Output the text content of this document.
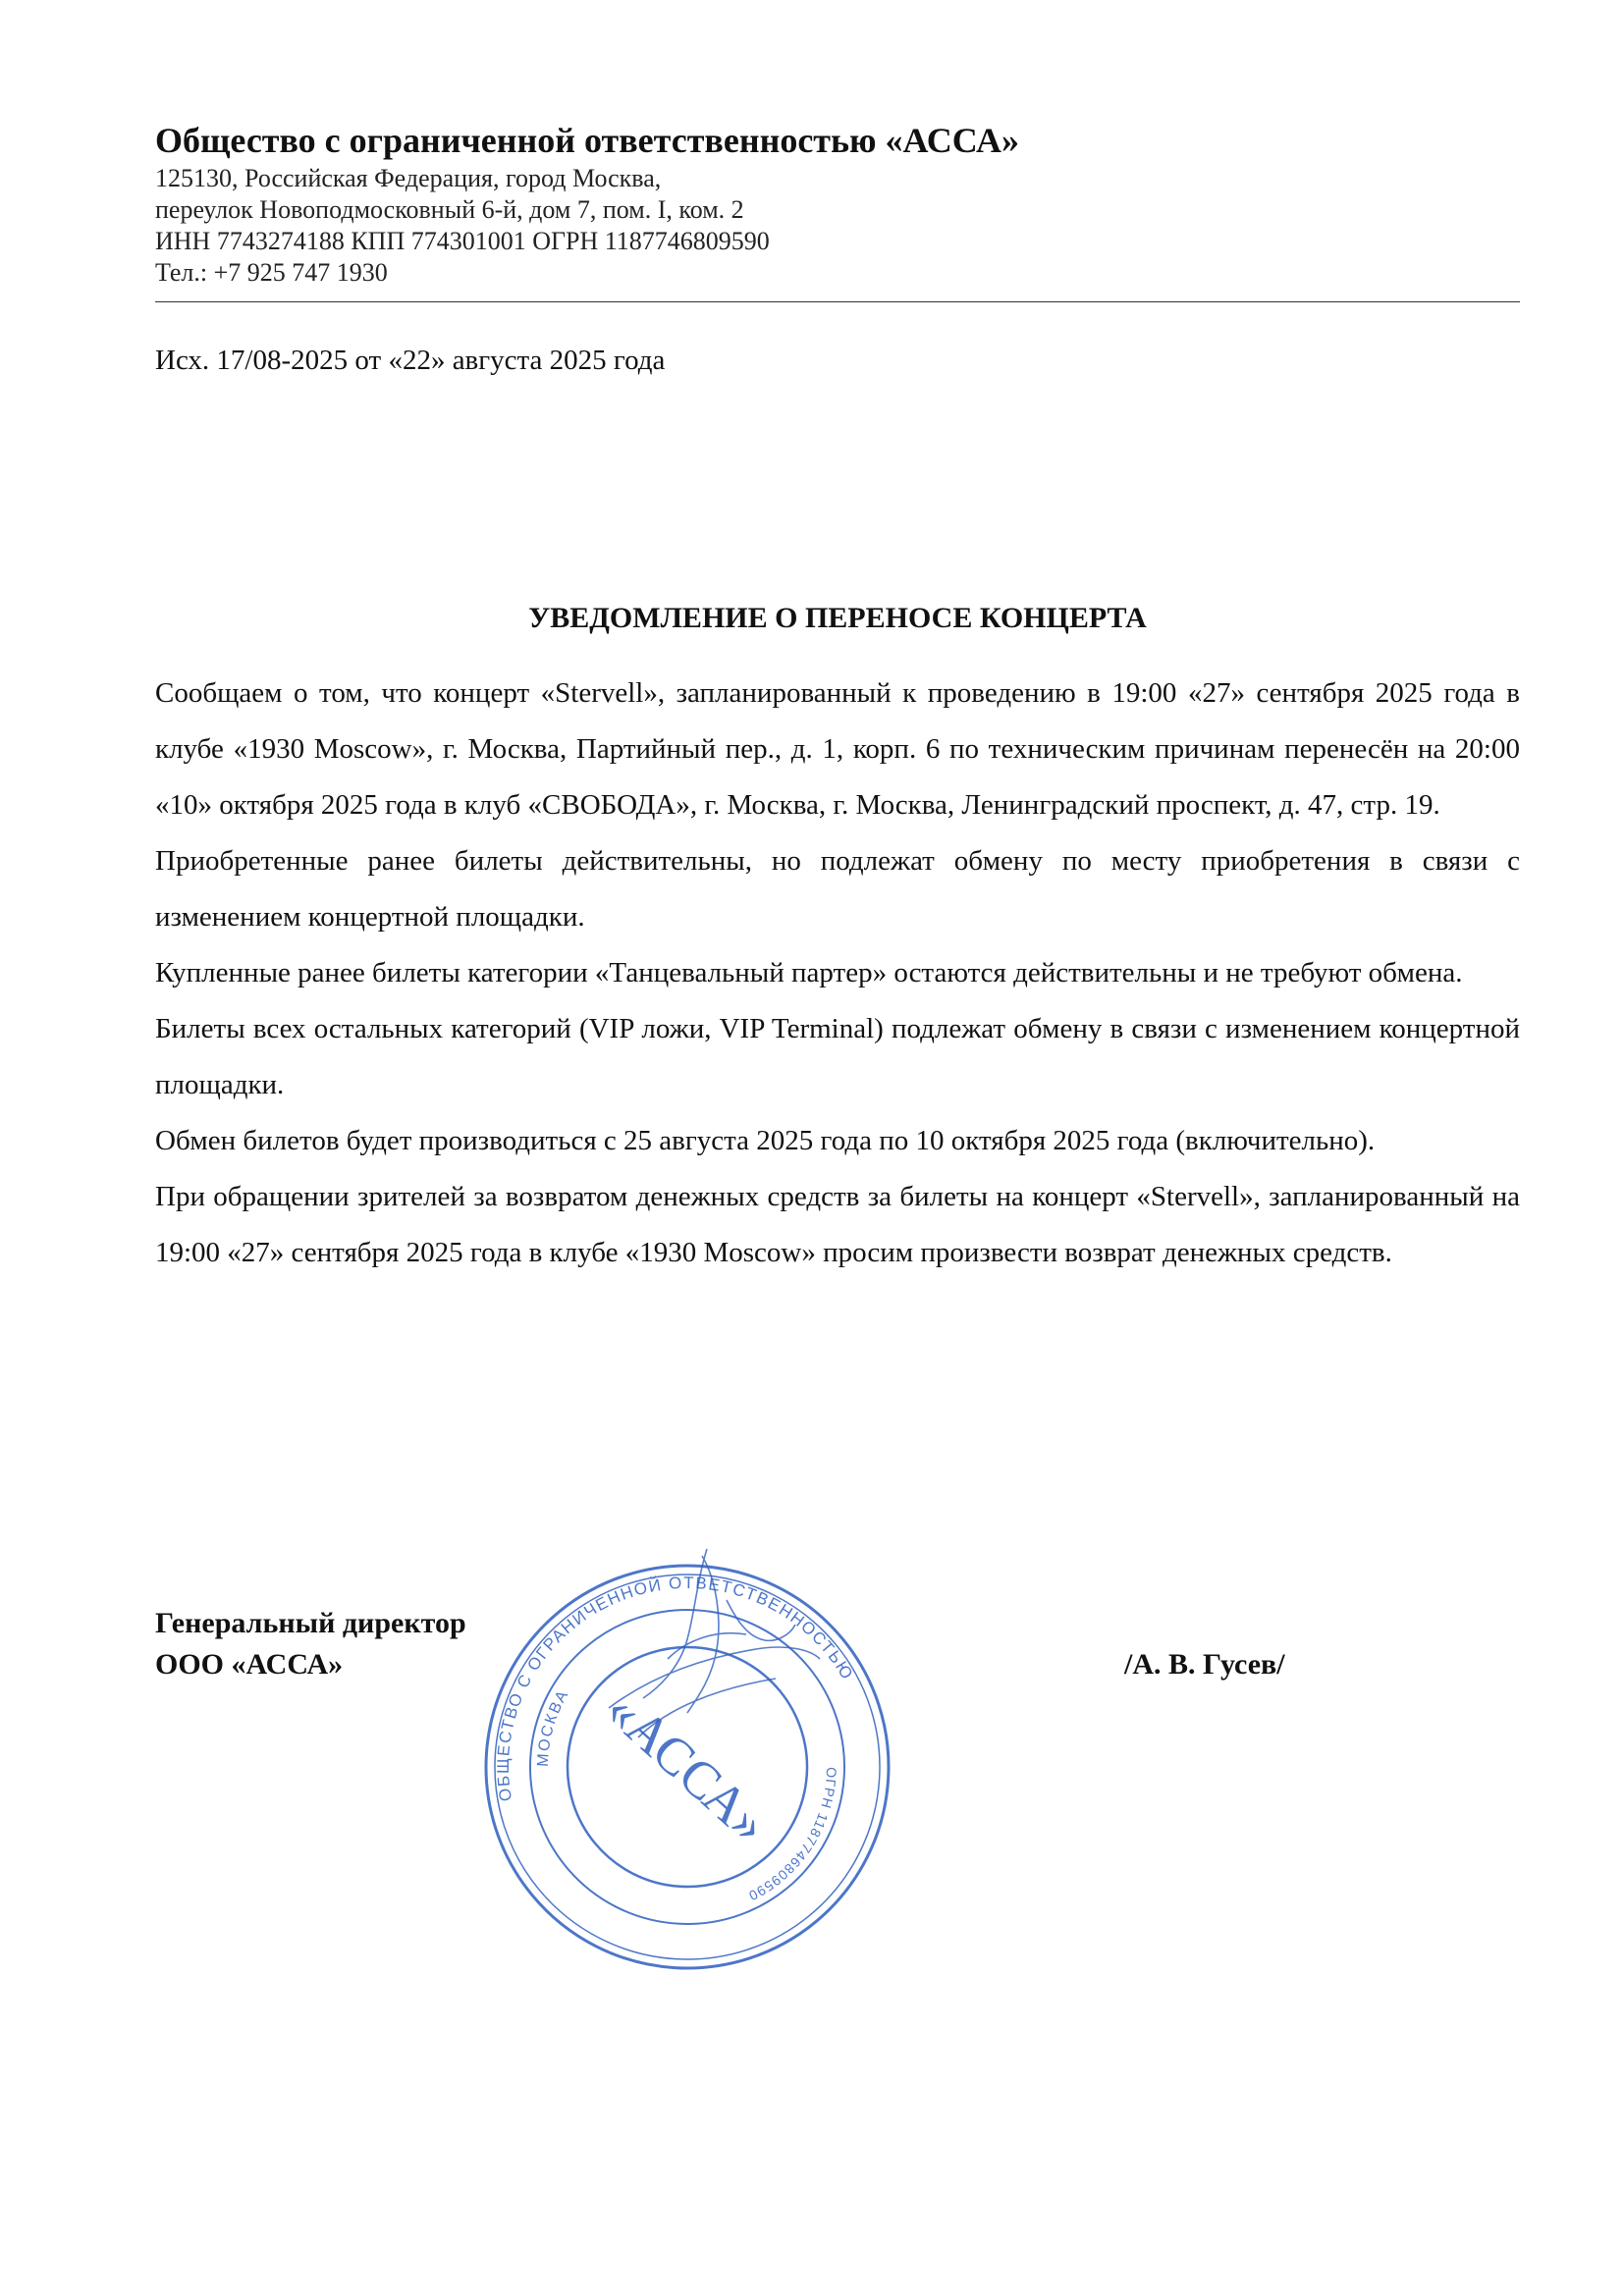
Общество с ограниченной ответственностью «АССА»
125130, Российская Федерация, город Москва,
переулок Новоподмосковный 6-й, дом 7, пом. I, ком. 2
ИНН 7743274188 КПП 774301001 ОГРН 1187746809590
Тел.: +7 925 747 1930
Исх. 17/08-2025 от «22» августа 2025 года
УВЕДОМЛЕНИЕ О ПЕРЕНОСЕ КОНЦЕРТА

Сообщаем о том, что концерт «Stervell», запланированный к проведению в 19:00 «27» сентября 2025 года в клубе «1930 Moscow», г. Москва, Партийный пер., д. 1, корп. 6 по техническим причинам перенесён на 20:00 «10» октября 2025 года в клуб «СВОБОДА», г. Москва, г. Москва, Ленинградский проспект, д. 47, стр. 19.

Приобретенные ранее билеты действительны, но подлежат обмену по месту приобретения в связи с изменением концертной площадки.

Купленные ранее билеты категории «Танцевальный партер» остаются действительны и не требуют обмена.

Билеты всех остальных категорий (VIP ложи, VIP Terminal) подлежат обмену в связи с изменением концертной площадки.

Обмен билетов будет производиться с 25 августа 2025 года по 10 октября 2025 года (включительно).

При обращении зрителей за возвратом денежных средств за билеты на концерт «Stervell», запланированный на 19:00 «27» сентября 2025 года в клубе «1930 Moscow» просим произвести возврат денежных средств.

Генеральный директор
ООО «АССА»	/А. В. Гусев/
ОБЩЕСТВО С ОГРАНИЧЕННОЙ ОТВЕТСТВЕННОСТЬЮ
МОСКВА
ОГРН 1187746809590
«АССА»
